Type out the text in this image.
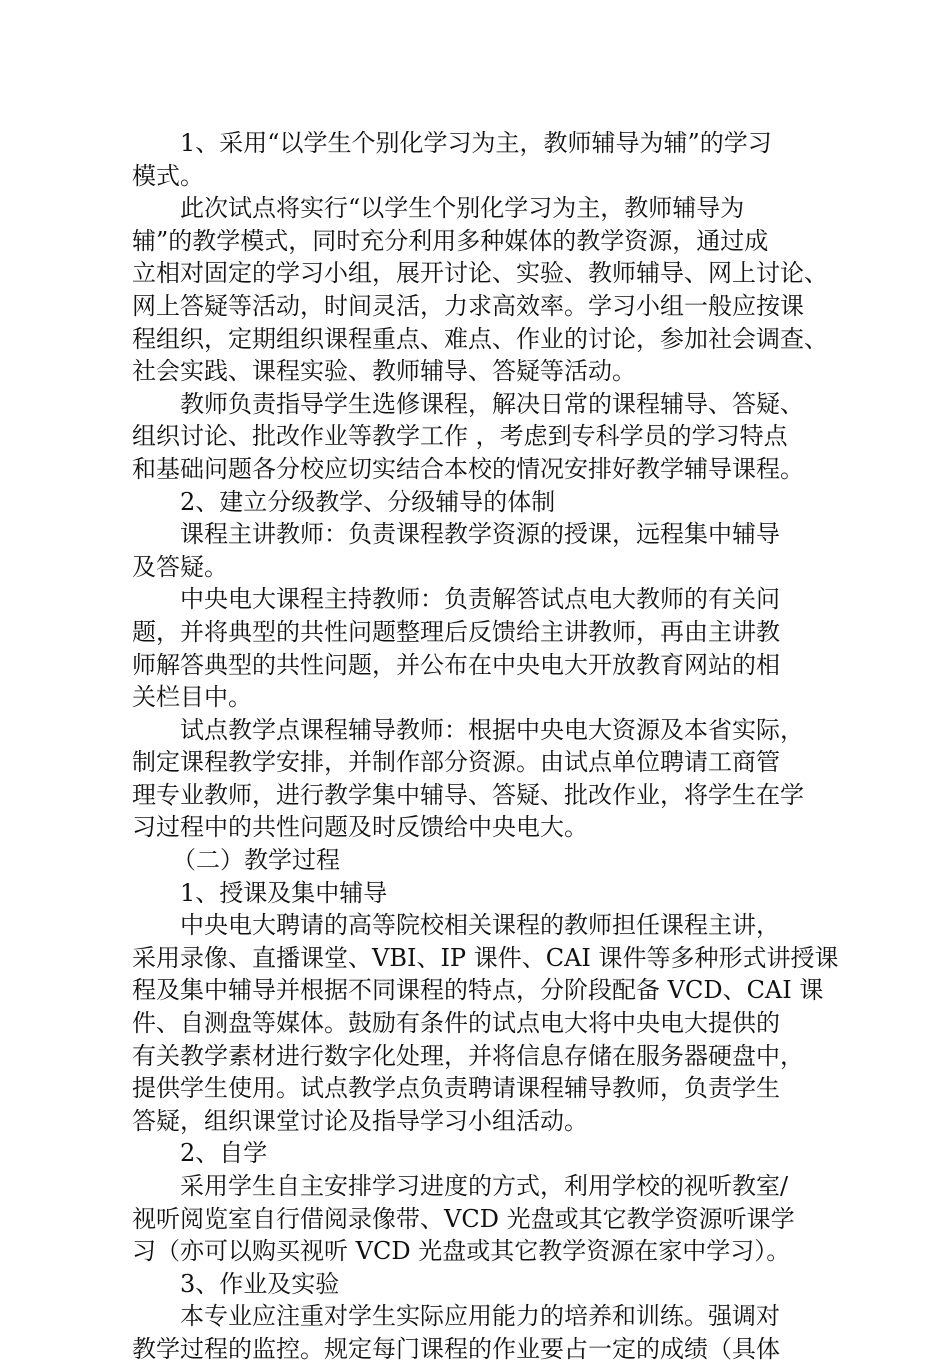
1、采用“以学生个别化学习为主，教师辅导为辅”的学习
模式。
此次试点将实行“以学生个别化学习为主，教师辅导为
辅”的教学模式，同时充分利用多种媒体的教学资源，通过成
立相对固定的学习小组，展开讨论、实验、教师辅导、网上讨论、
网上答疑等活动，时间灵活，力求高效率。学习小组一般应按课
程组织，定期组织课程重点、难点、作业的讨论，参加社会调查、
社会实践、课程实验、教师辅导、答疑等活动。
教师负责指导学生选修课程，解决日常的课程辅导、答疑、
组织讨论、批改作业等教学工作 ，考虑到专科学员的学习特点
和基础问题各分校应切实结合本校的情况安排好教学辅导课程。
2、建立分级教学、分级辅导的体制
课程主讲教师：负责课程教学资源的授课，远程集中辅导
及答疑。
中央电大课程主持教师：负责解答试点电大教师的有关问
题，并将典型的共性问题整理后反馈给主讲教师，再由主讲教
师解答典型的共性问题，并公布在中央电大开放教育网站的相
关栏目中。
试点教学点课程辅导教师：根据中央电大资源及本省实际，
制定课程教学安排，并制作部分资源。由试点单位聘请工商管
理专业教师，进行教学集中辅导、答疑、批改作业，将学生在学
习过程中的共性问题及时反馈给中央电大。
（二）教学过程
1、授课及集中辅导
中央电大聘请的高等院校相关课程的教师担任课程主讲，
采用录像、直播课堂、VBI、IP 课件、CAI 课件等多种形式讲授课
程及集中辅导并根据不同课程的特点，分阶段配备 VCD、CAI 课
件、自测盘等媒体。鼓励有条件的试点电大将中央电大提供的
有关教学素材进行数字化处理，并将信息存储在服务器硬盘中，
提供学生使用。试点教学点负责聘请课程辅导教师，负责学生
答疑，组织课堂讨论及指导学习小组活动。
2、自学
采用学生自主安排学习进度的方式，利用学校的视听教室/
视听阅览室自行借阅录像带、VCD 光盘或其它教学资源听课学
习（亦可以购买视听 VCD 光盘或其它教学资源在家中学习）。
3、作业及实验
本专业应注重对学生实际应用能力的培养和训练。强调对
教学过程的监控。规定每门课程的作业要占一定的成绩（具体
